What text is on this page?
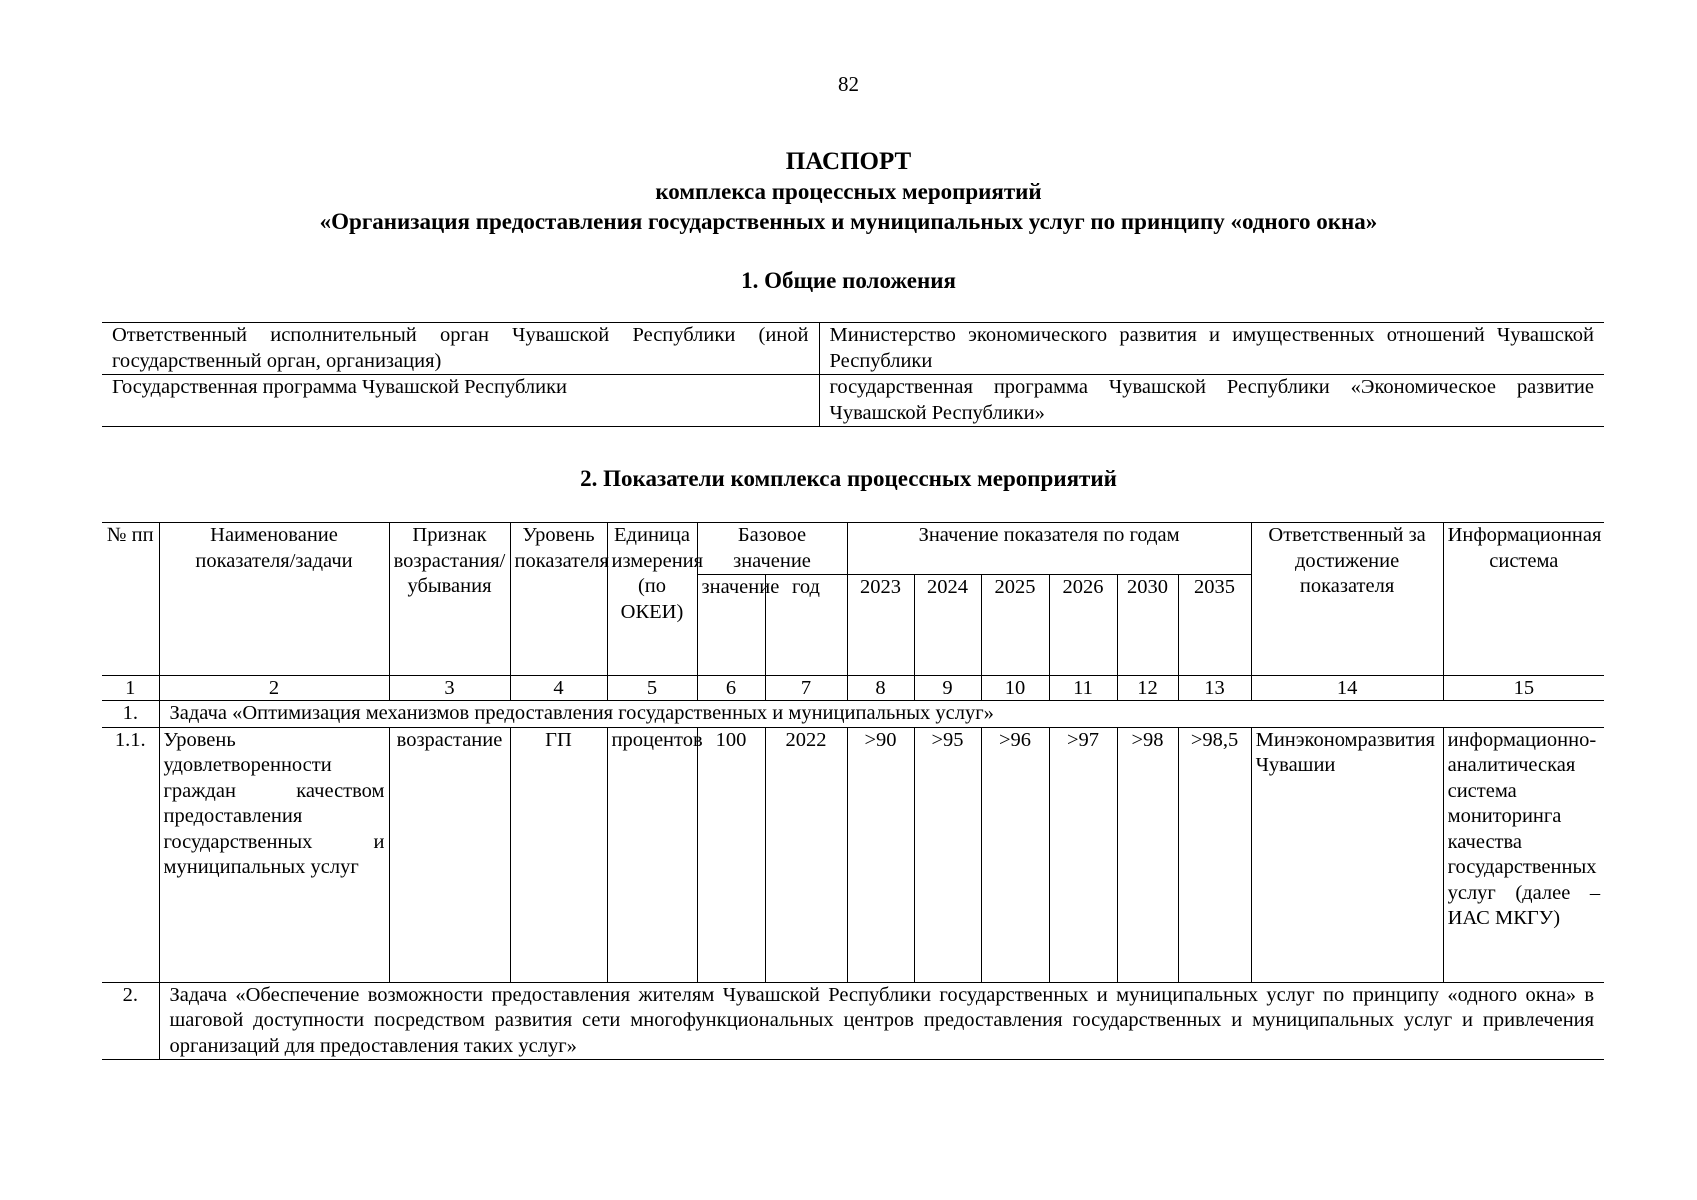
82
ПАСПОРТ
комплекса процессных мероприятий
«Организация предоставления государственных и муниципальных услуг по принципу «одного окна»
1. Общие положения
Ответственный исполнительный орган Чувашской Республики (иной государственный орган, организация)	Министерство экономического развития и имущественных отношений Чувашской Республики
Государственная программа Чувашской Республики	государственная программа Чувашской Республики «Экономическое развитие Чувашской Республики»
2. Показатели комплекса процессных мероприятий
№ пп	Наименование показателя/задачи	Признак возрастания/убывания	Уровень показателя	Единица измерения (по ОКЕИ)	Базовое значение		Значение показателя по годам						Ответственный за достижение показателя	Информационная система
					значение	год	2023	2024	2025	2026	2030	2035		
1	2	3	4	5	6	7	8	9	10	11	12	13	14	15
1.	Задача «Оптимизация механизмов предоставления государственных и муниципальных услуг»													
1.1.	Уровень удовлетворенности граждан качеством предоставления государственных и муниципальных услуг	возрастание	ГП	процентов	100	2022	>90	>95	>96	>97	>98	>98,5	Минэкономразвития Чувашии	информационно-аналитическая система мониторинга качества государственных услуг (далее – ИАС МКГУ)
2.	Задача «Обеспечение возможности предоставления жителям Чувашской Республики государственных и муниципальных услуг по принципу «одного окна» в шаговой доступности посредством развития сети многофункциональных центров предоставления государственных и муниципальных услуг и привлечения организаций для предоставления таких услуг»													
